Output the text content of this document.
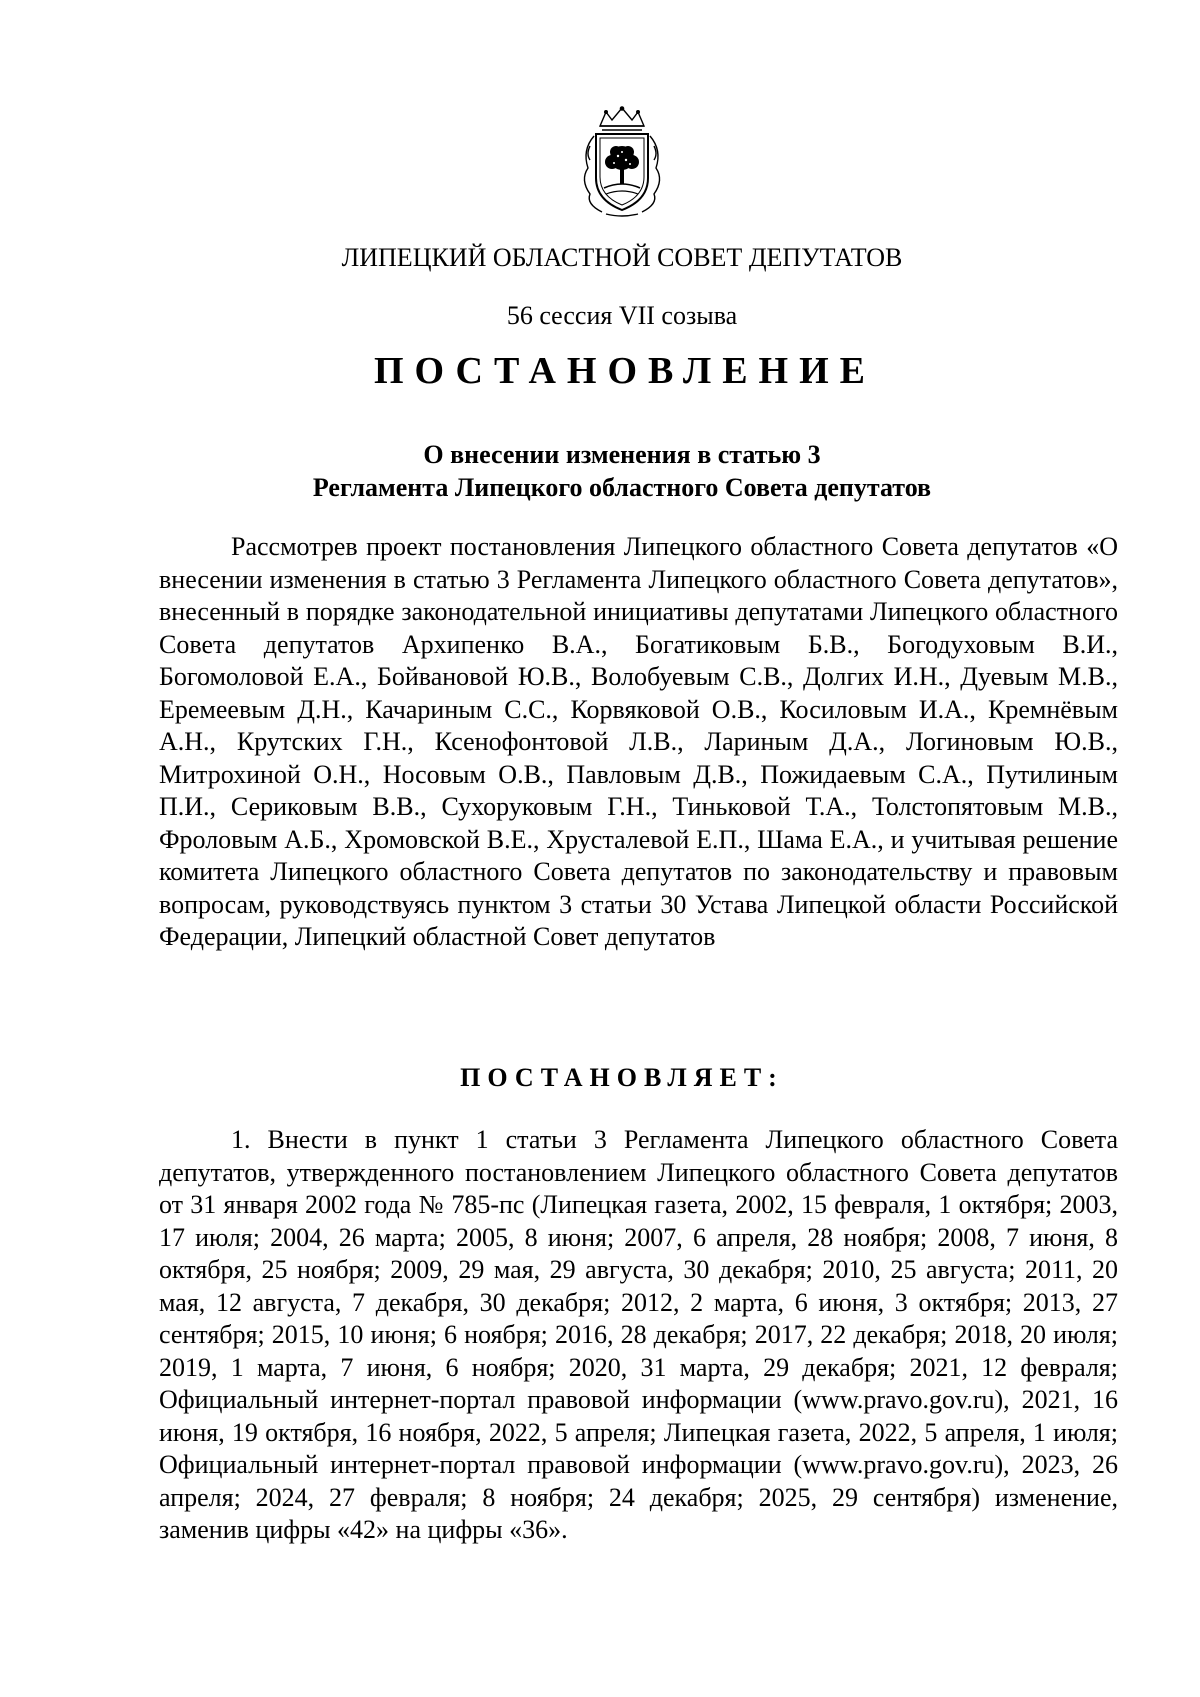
ЛИПЕЦКИЙ ОБЛАСТНОЙ СОВЕТ ДЕПУТАТОВ
56 сессия VII созыва
ПОСТАНОВЛЕНИЕ
О внесении изменения в статью 3
Регламента Липецкого областного Совета депутатов

Рассмотрев проект постановления Липецкого областного Совета депутатов «О внесении изменения в статью 3 Регламента Липецкого областного Совета депутатов», внесенный в порядке законодательной инициативы депутатами Липецкого областного Совета депутатов Архипенко В.А., Богатиковым Б.В., Богодуховым В.И., Богомоловой Е.А., Бойвановой Ю.В., Волобуевым С.В., Долгих И.Н., Дуевым М.В., Еремеевым Д.Н., Качариным С.С., Корвяковой О.В., Косиловым И.А., Кремнёвым А.Н., Крутских Г.Н., Ксенофонтовой Л.В., Лариным Д.А., Логиновым Ю.В., Митрохиной О.Н., Носовым О.В., Павловым Д.В., Пожидаевым С.А., Путилиным П.И., Сериковым В.В., Сухоруковым Г.Н., Тиньковой Т.А., Толстопятовым М.В., Фроловым А.Б., Хромовской В.Е., Хрусталевой Е.П., Шама Е.А., и учитывая решение комитета Липецкого областного Совета депутатов по законодательству и правовым вопросам, руководствуясь пунктом 3 статьи 30 Устава Липецкой области Российской Федерации, Липецкий областной Совет депутатов

ПОСТАНОВЛЯЕТ:

1. Внести в пункт 1 статьи 3 Регламента Липецкого областного Совета депутатов, утвержденного постановлением Липецкого областного Совета депутатов от 31 января 2002 года № 785-пс (Липецкая газета, 2002, 15 февраля, 1 октября; 2003, 17 июля; 2004, 26 марта; 2005, 8 июня; 2007, 6 апреля, 28 ноября; 2008, 7 июня, 8 октября, 25 ноября; 2009, 29 мая, 29 августа, 30 декабря; 2010, 25 августа; 2011, 20 мая, 12 августа, 7 декабря, 30 декабря; 2012, 2 марта, 6 июня, 3 октября; 2013, 27 сентября; 2015, 10 июня; 6 ноября; 2016, 28 декабря; 2017, 22 декабря; 2018, 20 июля; 2019, 1 марта, 7 июня, 6 ноября; 2020, 31 марта, 29 декабря; 2021, 12 февраля; Официальный интернет-портал правовой информации (www.pravo.gov.ru), 2021, 16 июня, 19 октября, 16 ноября, 2022, 5 апреля; Липецкая газета, 2022, 5 апреля, 1 июля; Официальный интернет-портал правовой информации (www.pravo.gov.ru), 2023, 26 апреля; 2024, 27 февраля; 8 ноября; 24 декабря; 2025, 29 сентября) изменение, заменив цифры «42» на цифры «36».
